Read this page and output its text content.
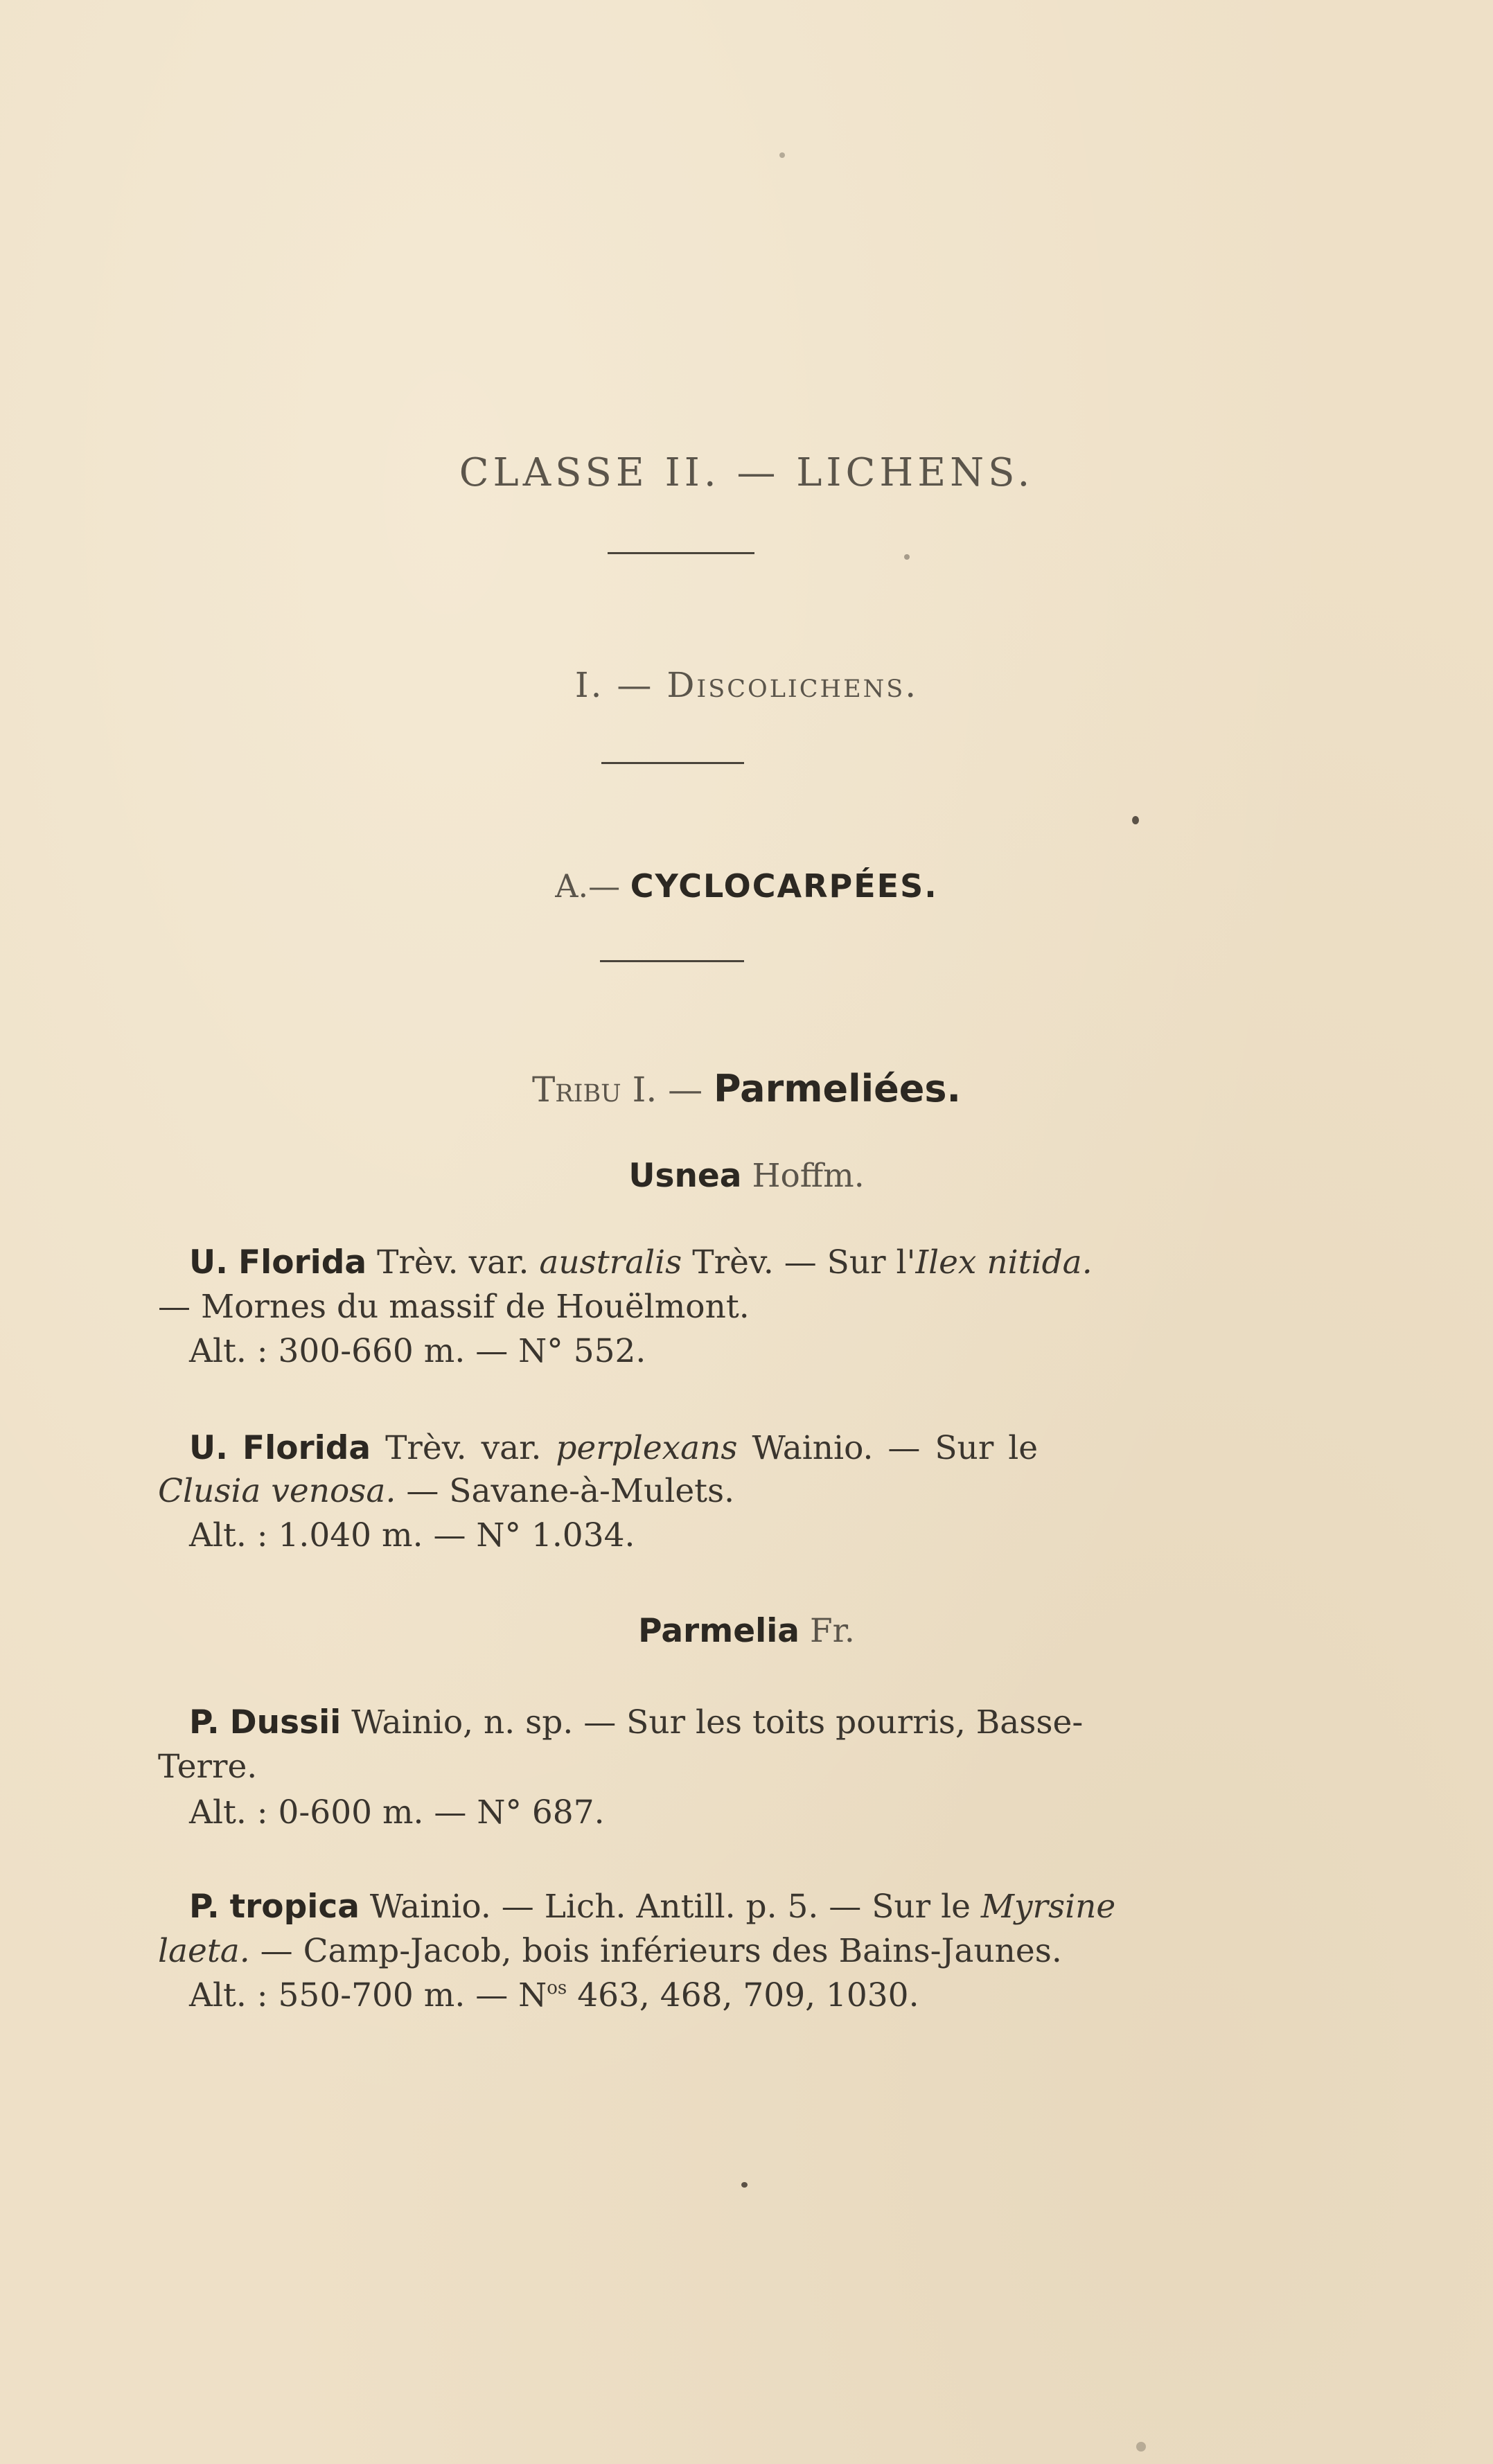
CLASSE II. — LICHENS.
I. — Discolichens.
A.— CYCLOCARPÉES.
Tribu I. — Parmeliées.
Usnea Hoffm.
U. Florida Trèv. var. australis Trèv. — Sur l'Ilex nitida.
— Mornes du massif de Houëlmont.
Alt. : 300-660 m. — N° 552.
U. Florida Trèv. var. perplexans Wainio. — Sur le
Clusia venosa. — Savane-à-Mulets.
Alt. : 1.040 m. — N° 1.034.
Parmelia Fr.
P. Dussii Wainio, n. sp. — Sur les toits pourris, Basse-
Terre.
Alt. : 0-600 m. — N° 687.
P. tropica Wainio. — Lich. Antill. p. 5. — Sur le Myrsine
laeta. — Camp-Jacob, bois inférieurs des Bains-Jaunes.
Alt. : 550-700 m. — $N^{os}$ 463, 468, 709, 1030.
